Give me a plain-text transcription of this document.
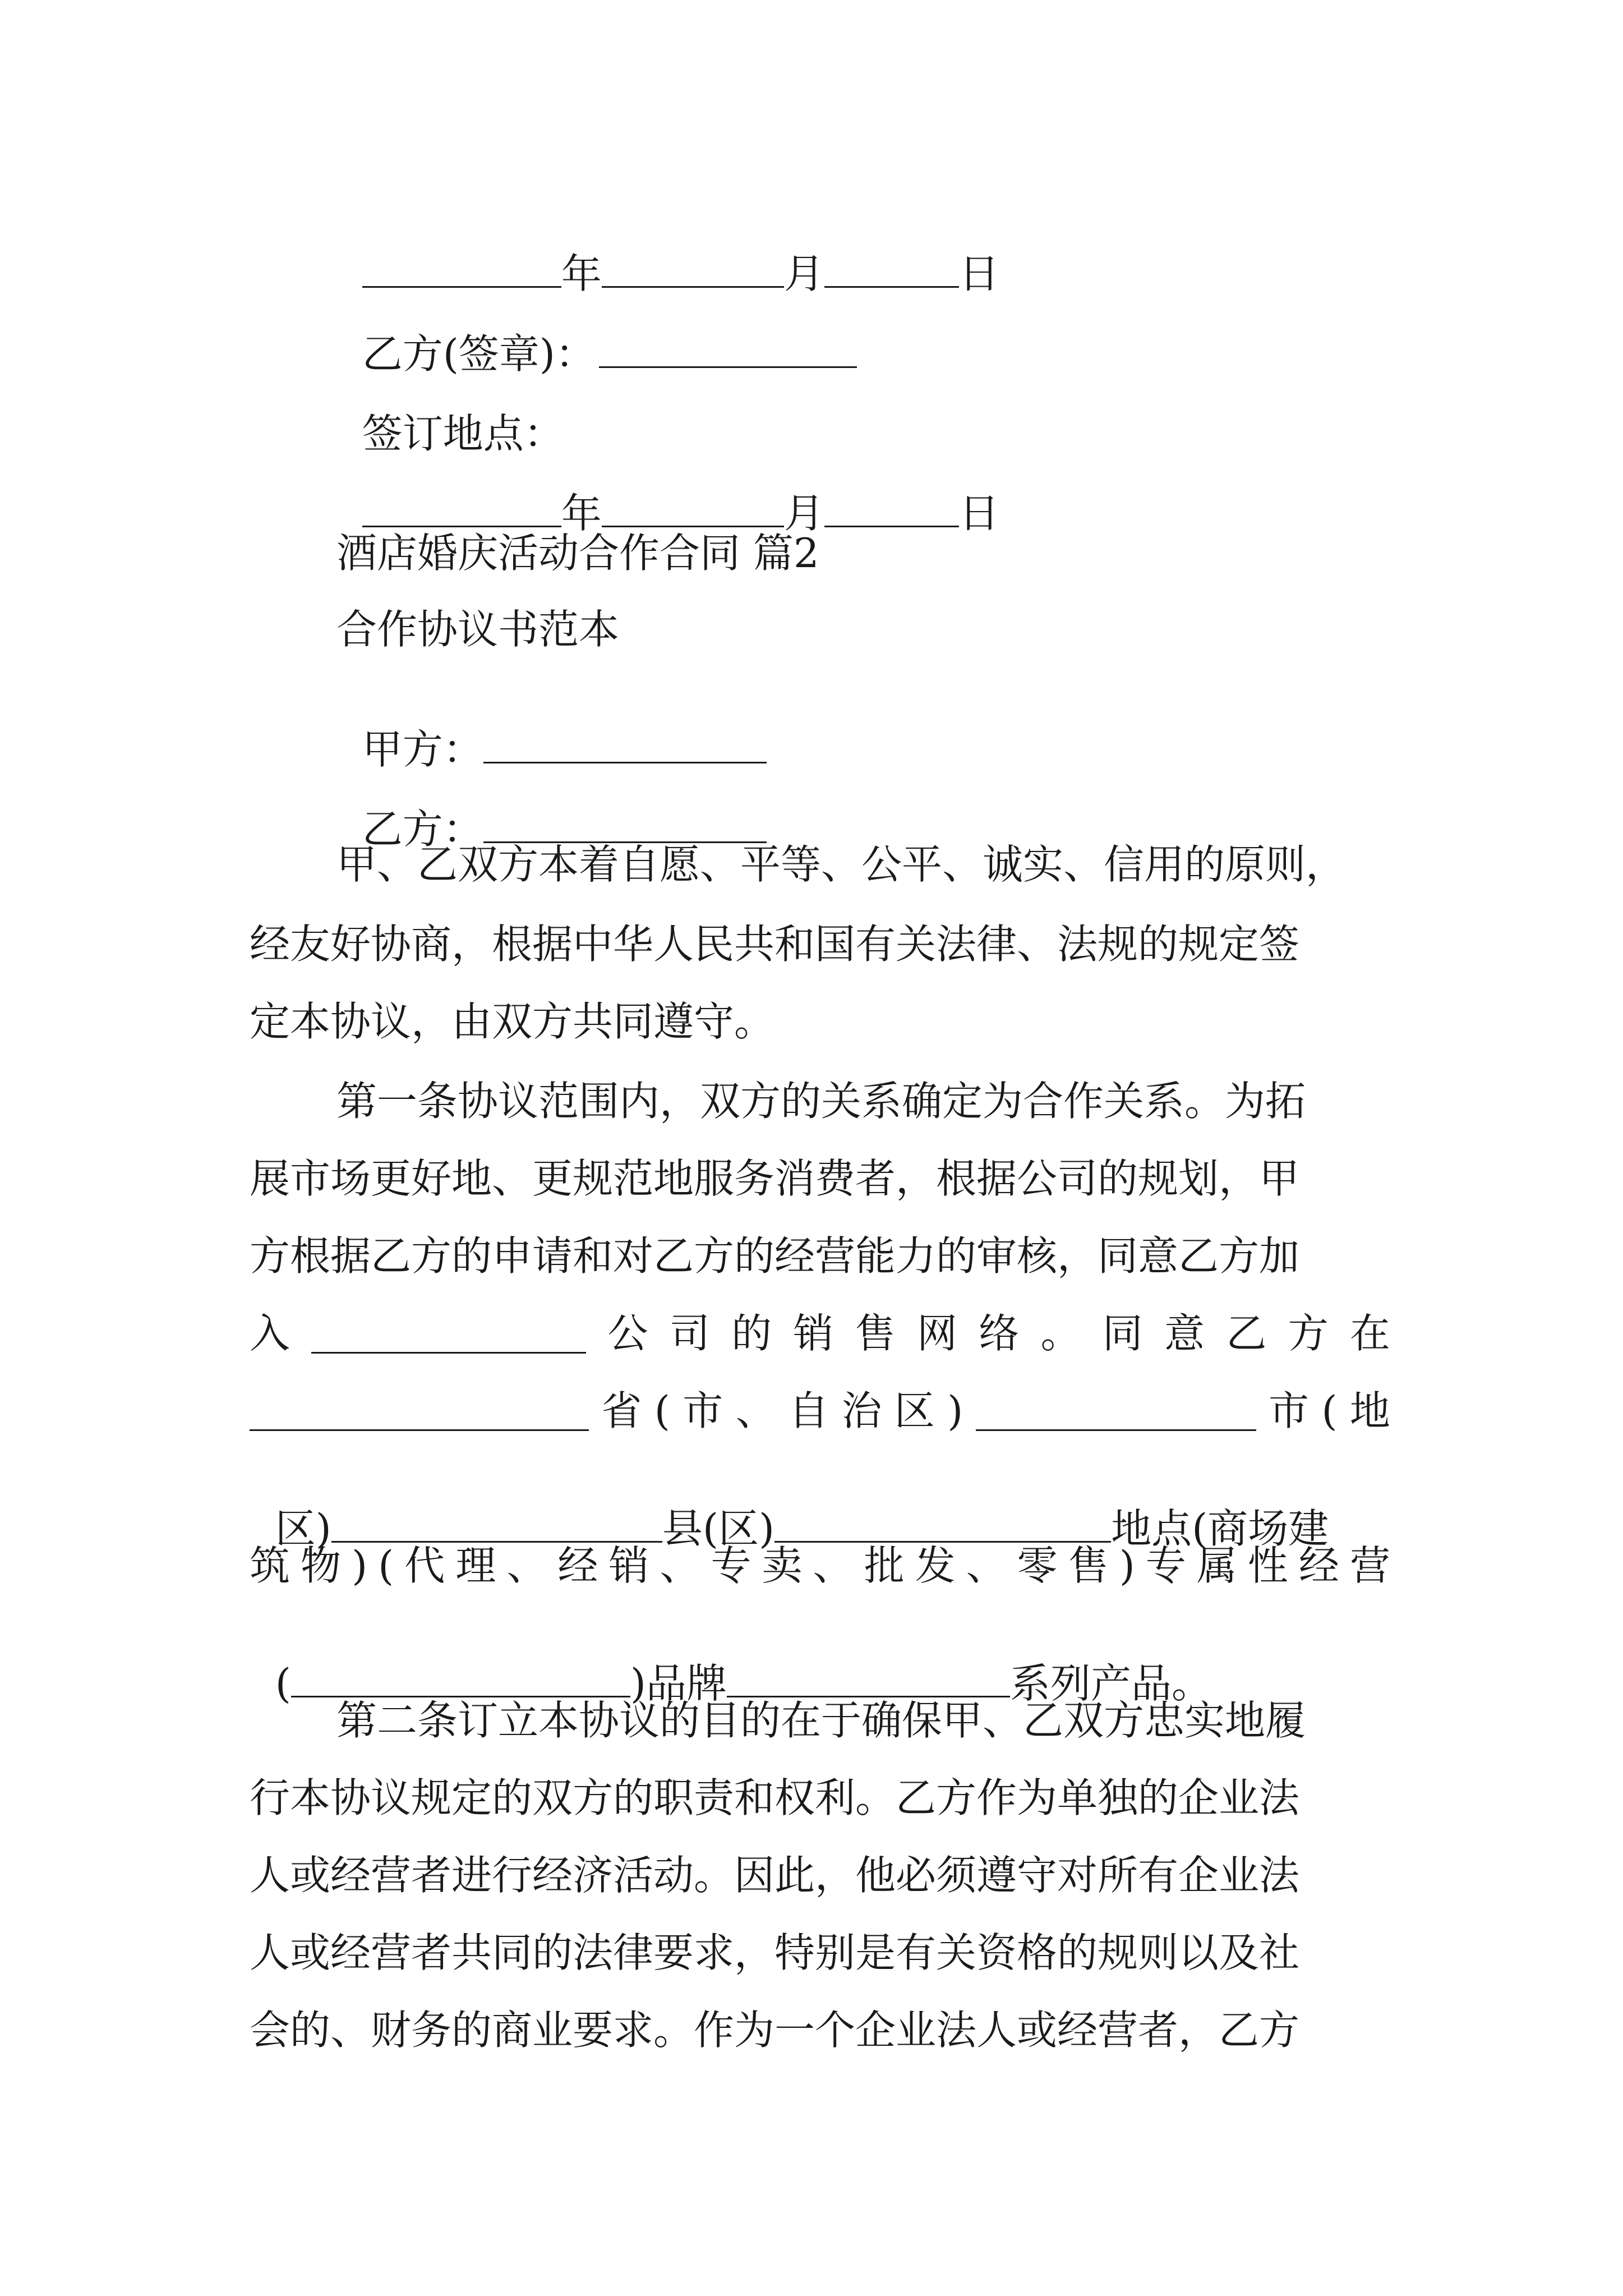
年	月	日

乙方(签章)：

签订地点：

年	月	日

酒店婚庆活动合作合同 篇2
合作协议书范本

甲方：

乙方：

甲、乙双方本着自愿、平等、公平、诚实、信用的原则，
经友好协商，根据中华人民共和国有关法律、法规的规定签
定本协议，由双方共同遵守。
第一条协议范围内，双方的关系确定为合作关系。为拓
展市场更好地、更规范地服务消费者，根据公司的规划，甲
方根据乙方的申请和对乙方的经营能力的审核，同意乙方加
入	公 司 的 销 售 网 络 。 同 意 乙 方 在
省 ( 市 、 自 治 区 )	市 ( 地

区)	县(区)	地点(商场建

筑 物 ) ( 代 理 、 经 销 、 专 卖 、 批 发 、 零 售 ) 专 属 性 经 营

(	)品牌	系列产品。

第二条订立本协议的目的在于确保甲、乙双方忠实地履
行本协议规定的双方的职责和权利。乙方作为单独的企业法
人或经营者进行经济活动。因此，他必须遵守对所有企业法
人或经营者共同的法律要求，特别是有关资格的规则以及社
会的、财务的商业要求。作为一个企业法人或经营者，乙方
